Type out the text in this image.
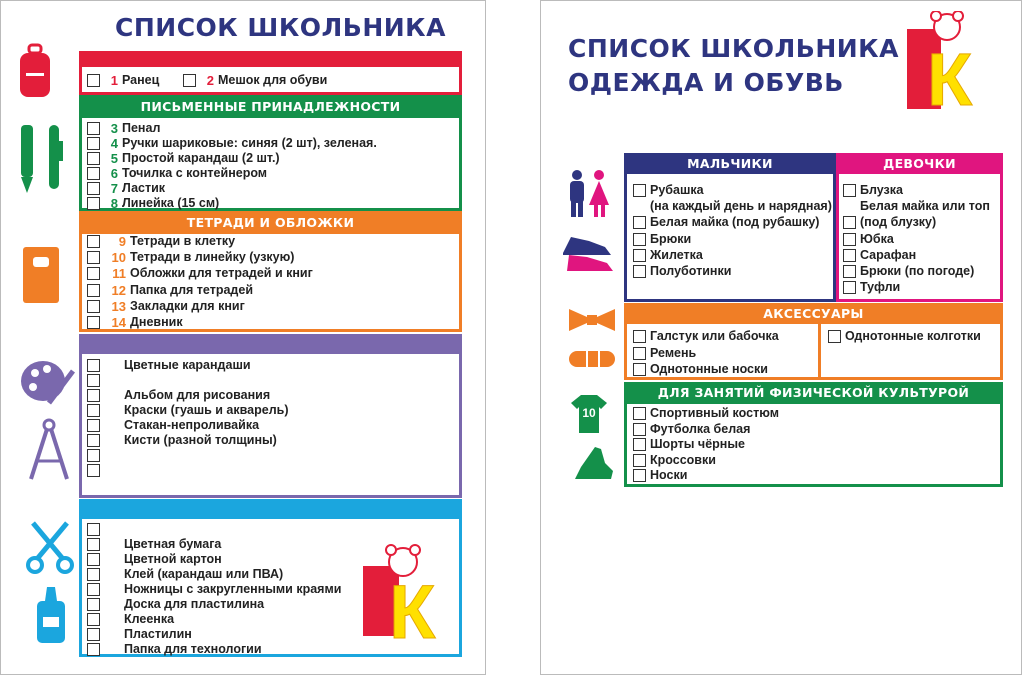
СПИСОК ШКОЛЬНИКА
1 Ранец	2 Мешок для обуви
ПИСЬМЕННЫЕ ПРИНАДЛЕЖНОСТИ
3 Пенал
4 Ручки шариковые: синяя (2 шт), зеленая.
5 Простой карандаш (2 шт.)
6 Точилка с контейнером
7 Ластик
8 Линейка (15 см)
ТЕТРАДИ И ОБЛОЖКИ
9 Тетради в клетку
10 Тетради в линейку (узкую)
11 Обложки для тетрадей и книг
12 Папка для тетрадей
13 Закладки для книг
14 Дневник
Цветные карандаши
Альбом для рисования
Краски (гуашь и акварель)
Стакан-непроливайка
Кисти (разной толщины)
Цветная бумага
Цветной картон
Клей (карандаш или ПВА)
Ножницы с закругленными краями
Доска для пластилина
Клеенка
Пластилин
Папка для технологии К
СПИСОК ШКОЛЬНИКА
ОДЕЖДА И ОБУВЬ К
10
МАЛЬЧИКИ	ДЕВОЧКИ
Рубашка
(на каждый день и нарядная)
Белая майка (под рубашку)
Брюки
Жилетка
Полуботинки
Блузка
Белая майка или топ
(под блузку)
Юбка
Сарафан
Брюки (по погоде)
Туфли
АКСЕССУАРЫ
Галстук или бабочка
Ремень
Однотонные носки
Однотонные колготки
ДЛЯ ЗАНЯТИЙ ФИЗИЧЕСКОЙ КУЛЬТУРОЙ
Спортивный костюм
Футболка белая
Шорты чёрные
Кроссовки
Носки
